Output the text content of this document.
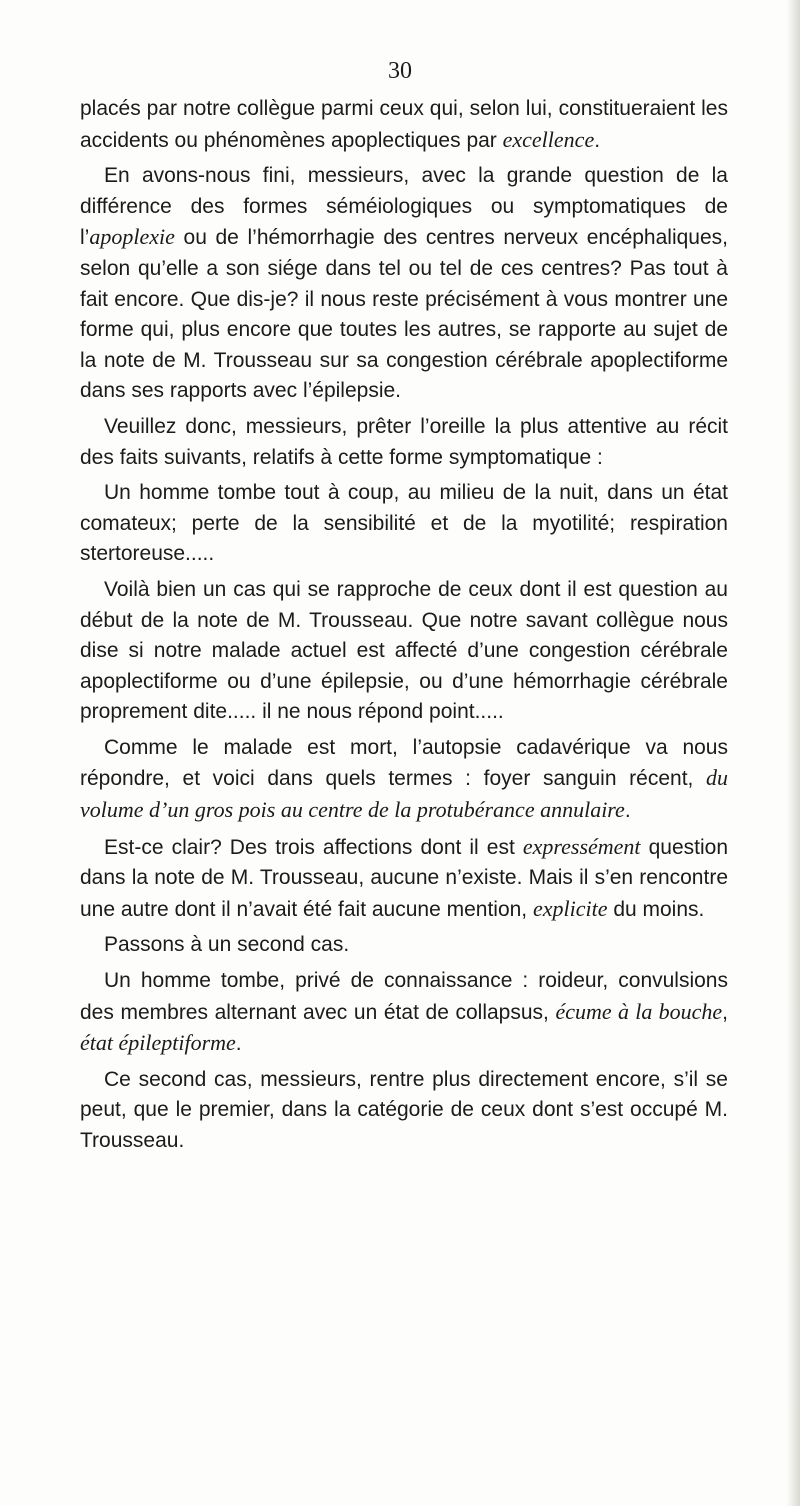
30

placés par notre collègue parmi ceux qui, selon lui, constitueraient les accidents ou phénomènes apoplectiques par excellence.

En avons-nous fini, messieurs, avec la grande question de la différence des formes séméiologiques ou symptomatiques de l’apoplexie ou de l’hémorrhagie des centres nerveux encéphaliques, selon qu’elle a son siége dans tel ou tel de ces centres? Pas tout à fait encore. Que dis-je? il nous reste précisément à vous montrer une forme qui, plus encore que toutes les autres, se rapporte au sujet de la note de M. Trousseau sur sa congestion cérébrale apoplectiforme dans ses rapports avec l’épilepsie.

Veuillez donc, messieurs, prêter l’oreille la plus attentive au récit des faits suivants, relatifs à cette forme symptomatique :

Un homme tombe tout à coup, au milieu de la nuit, dans un état comateux; perte de la sensibilité et de la myotilité; respiration stertoreuse.....

Voilà bien un cas qui se rapproche de ceux dont il est question au début de la note de M. Trousseau. Que notre savant collègue nous dise si notre malade actuel est affecté d’une congestion cérébrale apoplectiforme ou d’une épilepsie, ou d’une hémorrhagie cérébrale proprement dite..... il ne nous répond point.....

Comme le malade est mort, l’autopsie cadavérique va nous répondre, et voici dans quels termes : foyer sanguin récent, du volume d’un gros pois au centre de la protubérance annulaire.

Est-ce clair? Des trois affections dont il est expressément question dans la note de M. Trousseau, aucune n’existe. Mais il s’en rencontre une autre dont il n’avait été fait aucune mention, explicite du moins.

Passons à un second cas.

Un homme tombe, privé de connaissance : roideur, convulsions des membres alternant avec un état de collapsus, écume à la bouche, état épileptiforme.

Ce second cas, messieurs, rentre plus directement encore, s’il se peut, que le premier, dans la catégorie de ceux dont s’est occupé M. Trousseau.
